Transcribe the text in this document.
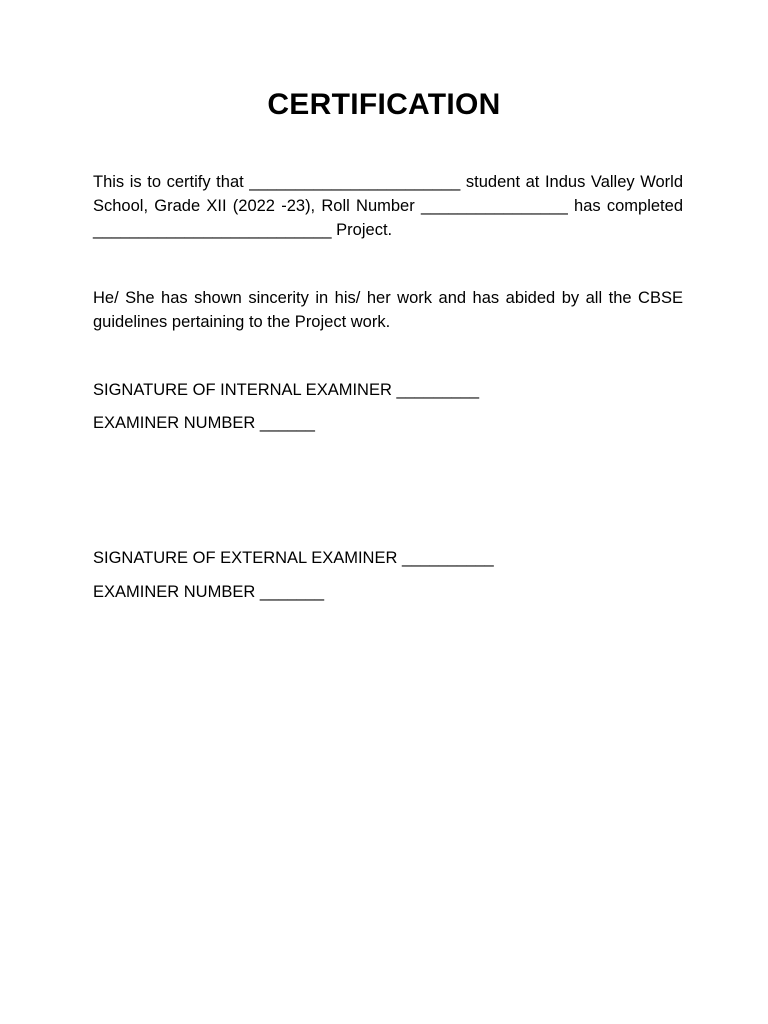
CERTIFICATION

This is to certify that _______________________ student at Indus Valley World
School, Grade XII (2022 -23), Roll Number ________________ has completed
__________________________ Project.

He/ She has shown sincerity in his/ her work and has abided by all the CBSE
guidelines pertaining to the Project work.

SIGNATURE OF INTERNAL EXAMINER _________

EXAMINER NUMBER ______

SIGNATURE OF EXTERNAL EXAMINER __________

EXAMINER NUMBER _______
